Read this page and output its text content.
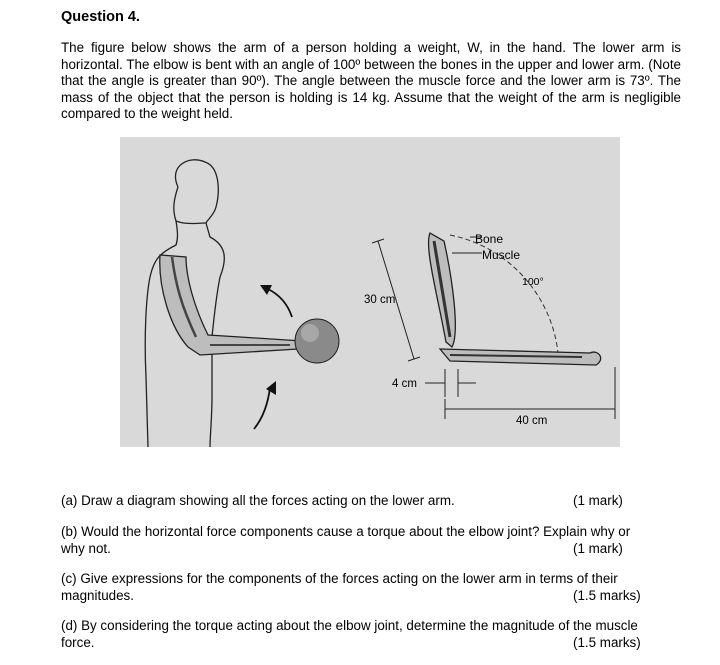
Question 4.
The figure below shows the arm of a person holding a weight, W, in the hand. The lower arm is horizontal. The elbow is bent with an angle of 100º between the bones in the upper and lower arm. (Note that the angle is greater than 90º). The angle between the muscle force and the lower arm is 73º. The mass of the object that the person is holding is 14 kg. Assume that the weight of the arm is negligible compared to the weight held.
Bone
Muscle
100°
30 cm
4 cm
40 cm
(a) Draw a diagram showing all the forces acting on the lower arm.	(1 mark)
(b) Would the horizontal force components cause a torque about the elbow joint? Explain why or
why not.	(1 mark)
(c) Give expressions for the components of the forces acting on the lower arm in terms of their
magnitudes.	(1.5 marks)
(d) By considering the torque acting about the elbow joint, determine the magnitude of the muscle
force.	(1.5 marks)
